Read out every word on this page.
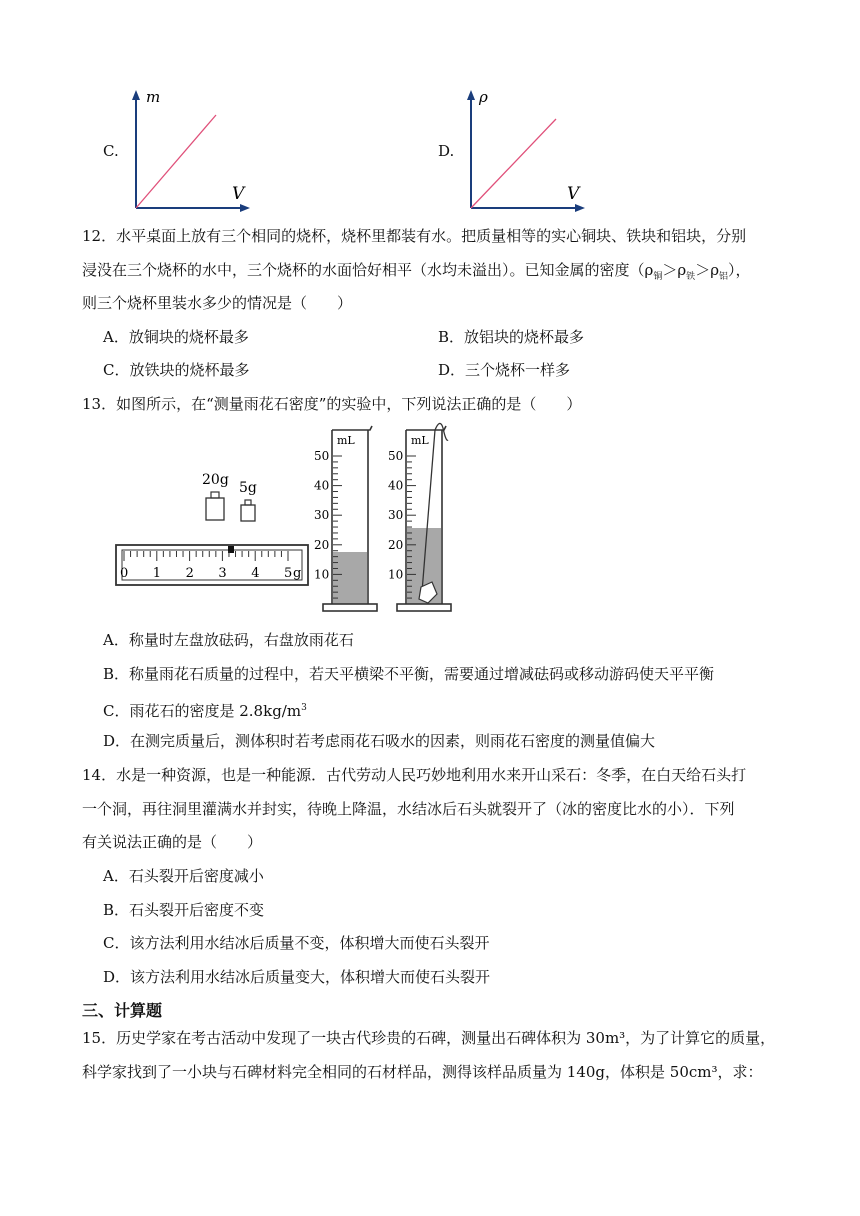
C.
m
V
D.
ρ
V
12．水平桌面上放有三个相同的烧杯，烧杯里都装有水。把质量相等的实心铜块、铁块和铝块，分别
浸没在三个烧杯的水中，三个烧杯的水面恰好相平（水均未溢出）。已知金属的密度$(\rho_铜>\rho_铁>\rho_铝)$，
则三个烧杯里装水多少的情况是（　　）
A．放铜块的烧杯最多	B．放铝块的烧杯最多
C．放铁块的烧杯最多	D．三个烧杯一样多
13．如图所示，在“测量雨花石密度”的实验中，下列说法正确的是（　　）
20g 5g
0 1 2 3 4 5 g
mL
50
40
30
20
10
mL
50
40
30
20
10
A．称量时左盘放砝码，右盘放雨花石
B．称量雨花石质量的过程中，若天平横梁不平衡，需要通过增减砝码或移动游码使天平平衡
C．雨花石的密度是 $2.8kg/m^3$
D．在测完质量后，测体积时若考虑雨花石吸水的因素，则雨花石密度的测量值偏大
14．水是一种资源，也是一种能源．古代劳动人民巧妙地利用水来开山采石：冬季，在白天给石头打
一个洞，再往洞里灌满水并封实，待晚上降温，水结冰后石头就裂开了（冰的密度比水的小）．下列
有关说法正确的是（　　）
A．石头裂开后密度减小
B．石头裂开后密度不变
C．该方法利用水结冰后质量不变，体积增大而使石头裂开
D．该方法利用水结冰后质量变大，体积增大而使石头裂开
三、计算题
15．历史学家在考古活动中发现了一块古代珍贵的石碑，测量出石碑体积为 30m³，为了计算它的质量，
科学家找到了一小块与石碑材料完全相同的石材样品，测得该样品质量为 140g，体积是 50cm³，求：
